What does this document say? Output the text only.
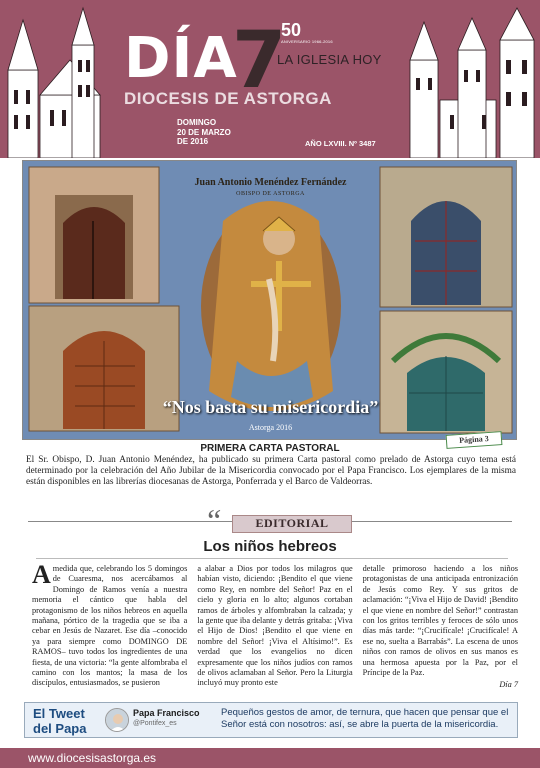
DÍA
7
50
ANIVERSARIO 1966-2016
LA IGLESIA HOY
DIOCESIS DE ASTORGA
DOMINGO
20 DE MARZO
DE 2016	AÑO LXVIII. Nº 3487
Juan Antonio Menéndez Fernández
OBISPO DE ASTORGA
“Nos basta su misericordia”
Astorga 2016
Página 3
PRIMERA CARTA PASTORAL
El Sr. Obispo, D. Juan Antonio Menéndez, ha publicado su primera Carta pastoral como prelado de Astorga cuyo tema está determinado por la celebración del Año Jubilar de la Misericordia convocado por el Papa Francisco. Los ejemplares de la misma están disponibles en las librerías diocesanas de Astorga, Ponferrada y el Barco de Valdeorras.
“	EDITORIAL
Los niños hebreos
Amedida que, celebrando los 5 domingos de Cuaresma, nos acercábamos al Domingo de Ramos venía a nuestra memoria el cántico que habla del protagonismo de los niños hebreos en aquella mañana, pórtico de la tragedia que se iba a cebar en Jesús de Nazaret. Ese día –conocido ya para siempre como DOMINGO DE RAMOS– tuvo todos los ingredientes de una fiesta, de una victoria: “la gente alfombraba el camino con los mantos; la masa de los discípulos, entusiasmados, se pusieron
a alabar a Dios por todos los milagros que habían visto, diciendo: ¡Bendito el que viene como Rey, en nombre del Señor! Paz en el cielo y gloria en lo alto; algunos cortaban ramos de árboles y alfombraban la calzada; y la gente que iba delante y detrás gritaba: ¡Viva el Hijo de Dios! ¡Bendito el que viene en nombre del Señor! ¡Viva el Altísimo!”. Es verdad que los evangelios no dicen expresamente que los niños judíos con ramos de olivos aclamaban al Señor. Pero la Liturgia incluyó muy pronto este
detalle primoroso haciendo a los niños protagonistas de una anticipada entronización de Jesús como Rey. Y sus gritos de aclamación: “¡Viva el Hijo de David! ¡Bendito el que viene en nombre del Señor!” contrastan con los gritos terribles y feroces de sólo unos días más tarde: “¡Crucifícale! ¡Crucifícale! A ese no, suelta a Barrabás”. La escena de unos niños con ramos de olivos en sus manos es una hermosa apuesta por la Paz, por el Príncipe de la Paz.
Día 7
El Tweet
del Papa
Papa Francisco
@Pontifex_es
Pequeños gestos de amor, de ternura, que hacen que pensar que el Señor está con nosotros: así, se abre la puerta de la misericordia.
www.diocesisastorga.es
